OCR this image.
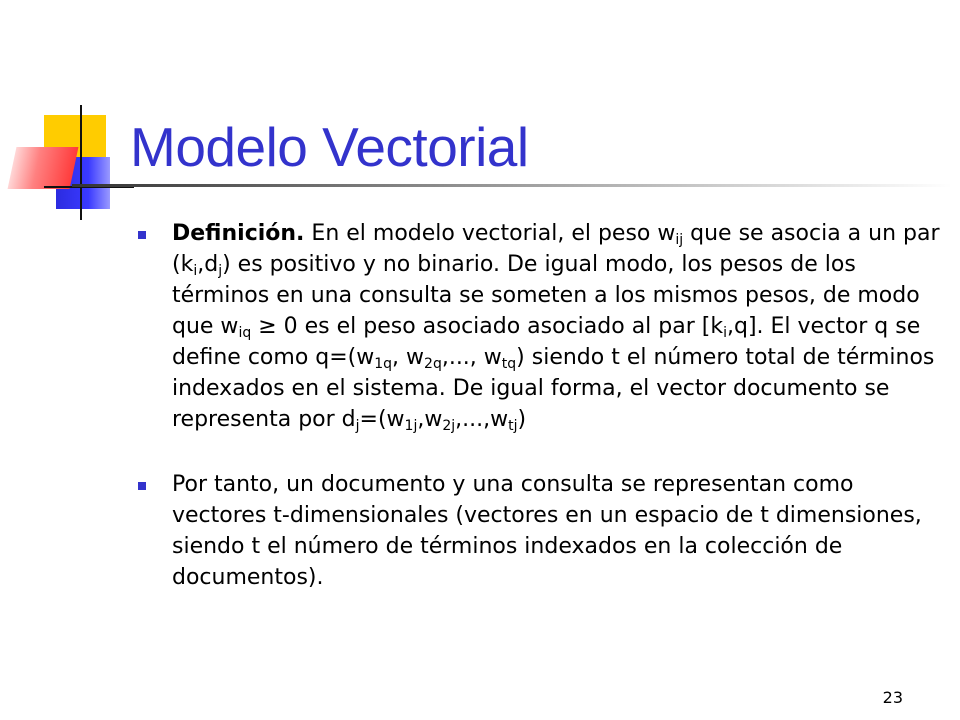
Modelo Vectorial
Definición. En el modelo vectorial, el peso $w_{ij}$ que se asocia a un par $(k_i,d_j)$ es positivo y no binario. De igual modo, los pesos de los términos en una consulta se someten a los mismos pesos, de modo que $w_{iq} \ge 0$ es el peso asociado asociado al par $[k_i,q]$. El vector q se define como $q=(w_{1q}$, $w_{2q}$,..., $w_{tq}$) siendo t el número total de términos indexados en el sistema. De igual forma, el vector documento se representa por $d_j=(w_{1j},w_{2j},...,w_{tj})$
Por tanto, un documento y una consulta se representan como vectores t-dimensionales (vectores en un espacio de t dimensiones, siendo t el número de términos indexados en la colección de documentos).
23
